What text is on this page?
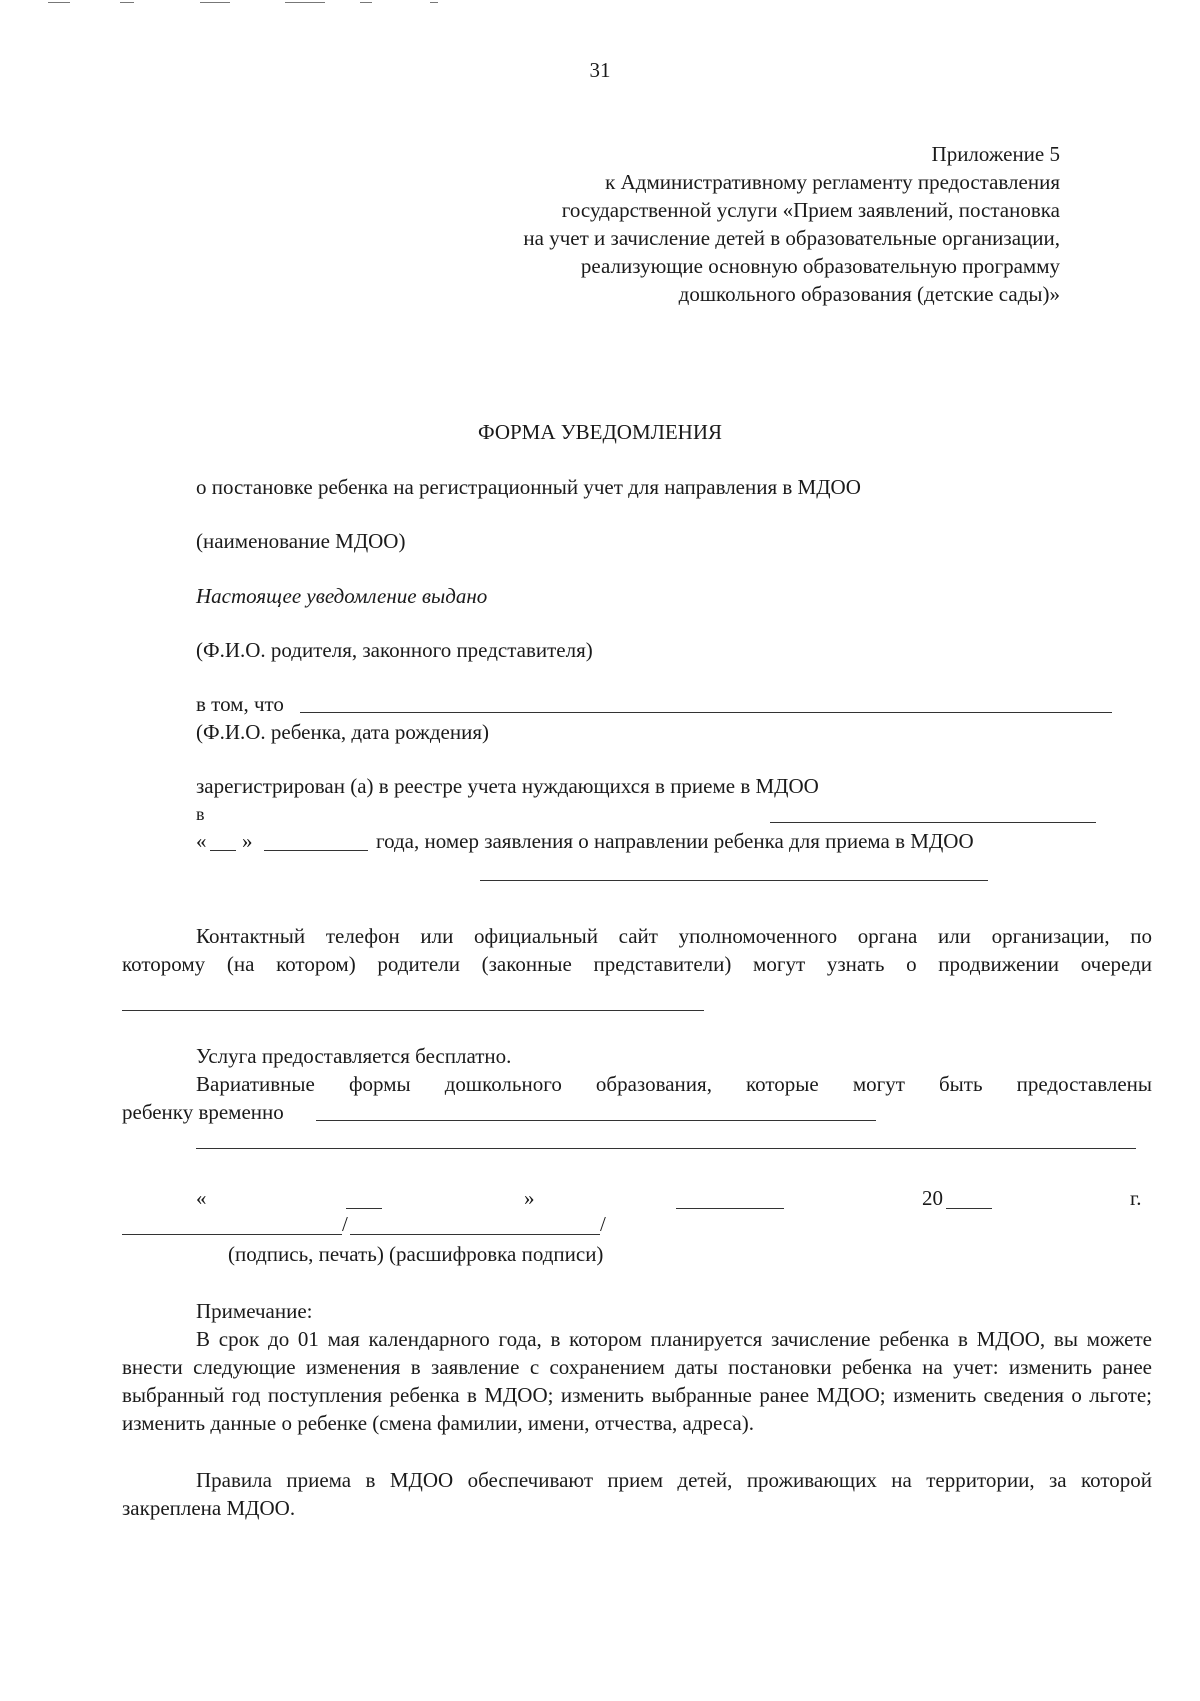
31
Приложение 5
к Административному регламенту предоставления
государственной услуги «Прием заявлений, постановка
на учет и зачисление детей в образовательные организации,
реализующие основную образовательную программу
дошкольного образования (детские сады)»
ФОРМА УВЕДОМЛЕНИЯ
о постановке ребенка на регистрационный учет для направления в МДОО
(наименование МДОО)
Настоящее уведомление выдано
(Ф.И.О. родителя, законного представителя)
в том, что
(Ф.И.О. ребенка, дата рождения)
зарегистрирован (а) в реестре учета нуждающихся в приеме в МДОО
в
« »	года, номер заявления о направлении ребенка для приема в МДОО
Контактный телефон или официальный сайт уполномоченного органа или организации, по
которому (на котором) родители (законные представители) могут узнать о продвижении очереди
Услуга предоставляется бесплатно.
Вариативные формы дошкольного образования, которые могут быть предоставлены
ребенку временно
«	»	20	г.
/	/
(подпись, печать) (расшифровка подписи)
Примечание:
В срок до 01 мая календарного года, в котором планируется зачисление ребенка в МДОО, вы можете внести следующие изменения в заявление с сохранением даты постановки ребенка на учет: изменить ранее выбранный год поступления ребенка в МДОО; изменить выбранные ранее МДОО; изменить сведения о льготе; изменить данные о ребенке (смена фамилии, имени, отчества, адреса).
Правила приема в МДОО обеспечивают прием детей, проживающих на территории, за которой закреплена МДОО.
